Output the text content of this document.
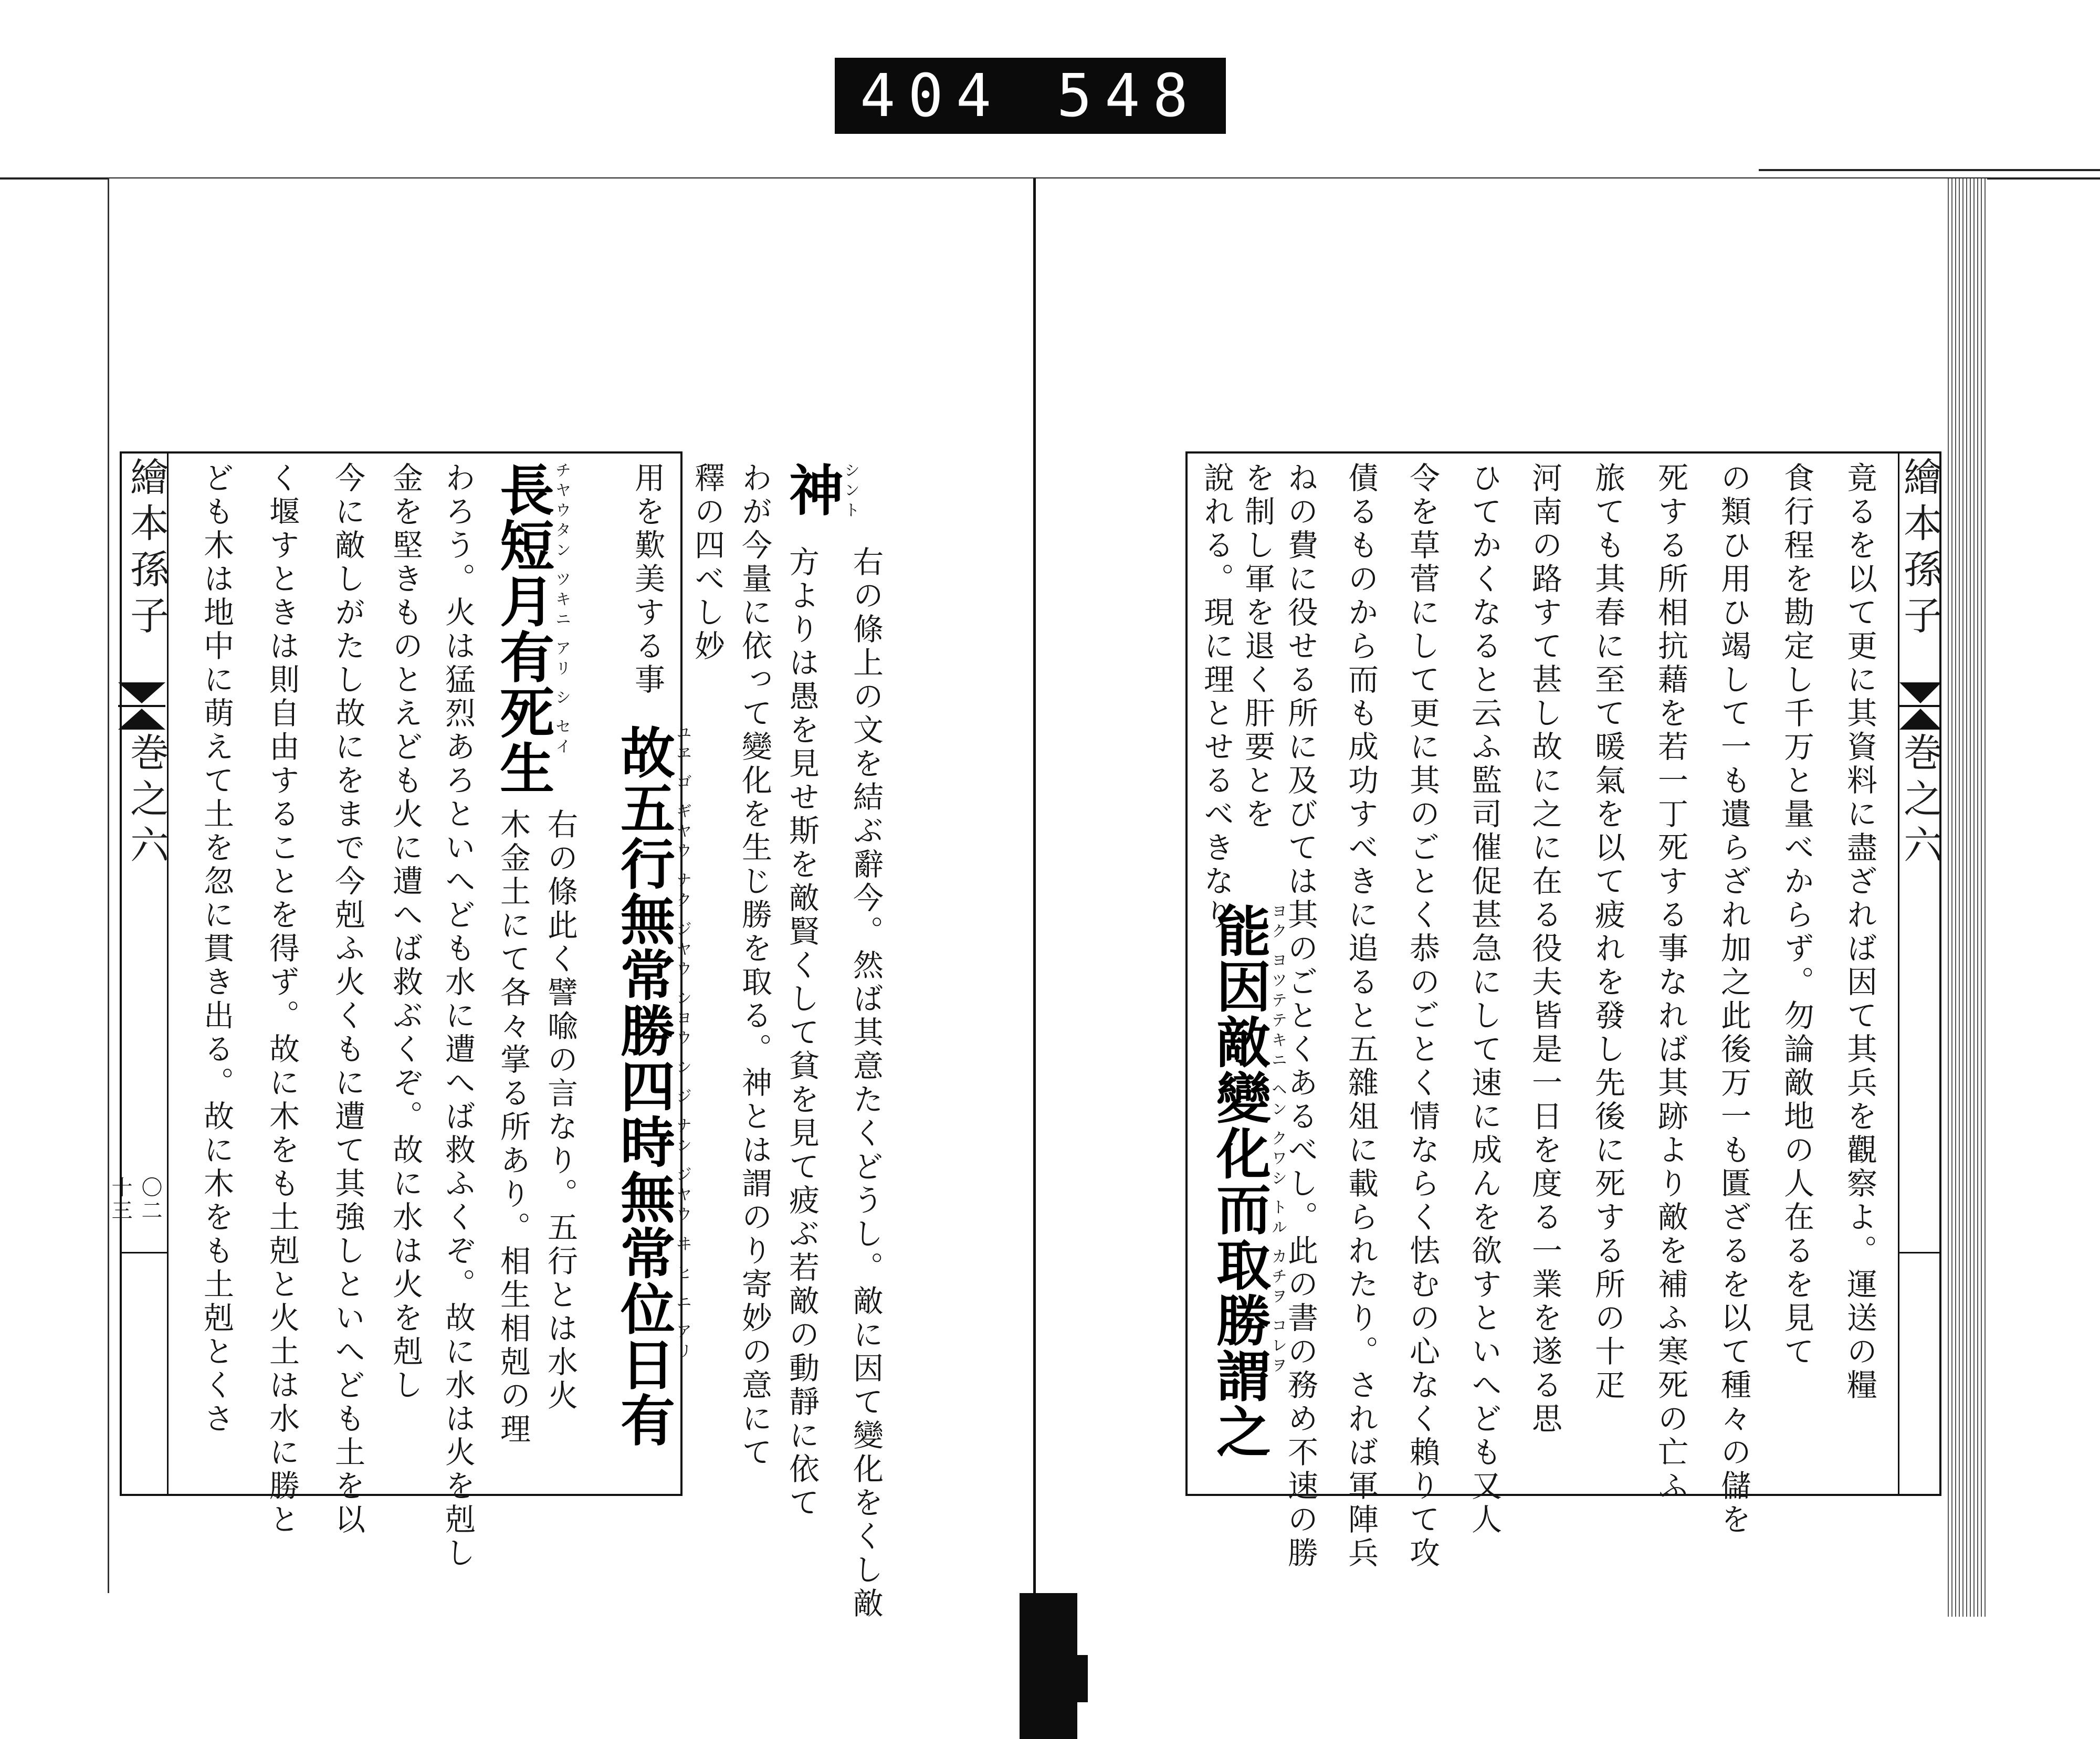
404 548
繪本孫子
巻之六
〇二十三
神
シント
右の條上の文を結ぶ辭今。然ば其意たくどうし。敵に因て變化をくし敵
方よりは愚を見せ斯を敵賢くして貧を見て疲ぶ若敵の動靜に依て
わが今量に依って變化を生じ勝を取る。神とは謂のり寄妙の意にて
釋の四べし妙
故五行無常勝四時無常位日有
ユヱ ゴ ギヤウ ナク ジヤウ シヨウ シ ジ ナシ ジヤウ ヰ ヒ ニ アリ
用を歎美する事
長短月有死生
チヤウタン ツキニ アリ シ セイ
右の條此く譬喩の言なり。五行とは水火
木金土にて各々掌る所あり。相生相剋の理
わろう。火は猛烈あろといへども水に遭へば救ふくぞ。故に水は火を剋し
金を堅きものとえども火に遭へば救ぶくぞ。故に水は火を剋し
今に敵しがたし故にをまで今剋ふ火くもに遭て其強しといへども土を以
く堰すときは則自由することを得ず。故に木をも土剋と火土は水に勝と
ども木は地中に萌えて土を忽に貫き出る。故に木をも土剋とくさ	繪本孫子
巻之六
竟るを以て更に其資料に盡ざれば因て其兵を觀察よ。運送の糧
食行程を勘定し千万と量べからず。勿論敵地の人在るを見て
の類ひ用ひ竭して一も遺らざれ加之此後万一も匱ざるを以て種々の儲を
死する所相抗藉を若一丁死する事なれば其跡より敵を補ふ寒死の亡ふ
旅ても其春に至て暖氣を以て疲れを發し先後に死する所の十疋
河南の路すて甚し故に之に在る役夫皆是一日を度る一業を遂る思
ひてかくなると云ふ監司催促甚急にして速に成んを欲すといへども又人
令を草菅にして更に其のごとく恭のごとく情ならく怯むの心なく賴りて攻
債るものから而も成功すべきに追ると五雜俎に載られたり。されば軍陣兵
ねの費に役せる所に及びては其のごとくあるべし。此の書の務め不速の勝
を制し軍を退く肝要とを
說れる。現に理とせるべきなり
能因敵變化而取勝謂之
ヨク ヨツテテキニ ヘン クワシ トル カチヲ コレヲ
